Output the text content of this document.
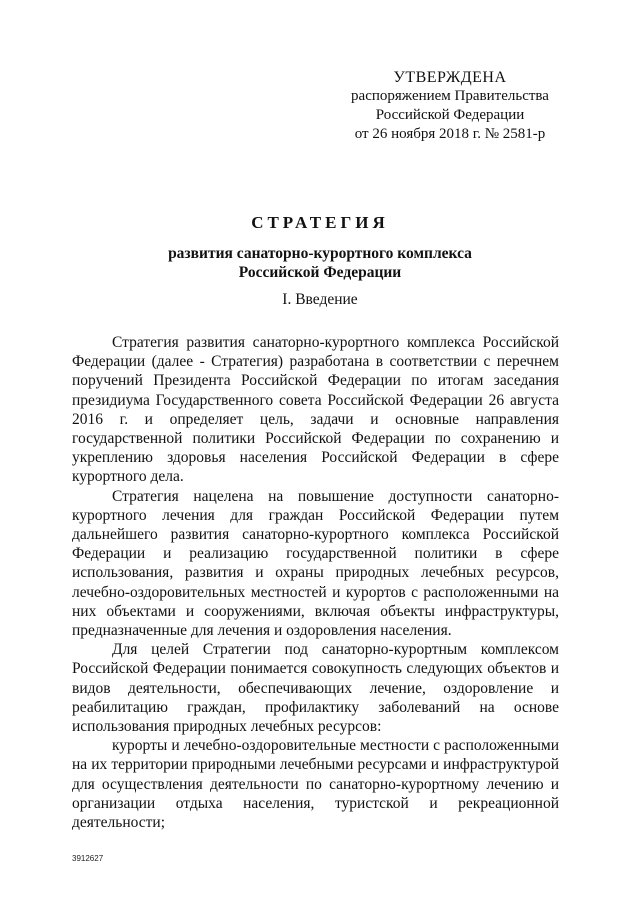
УТВЕРЖДЕНА
распоряжением Правительства
Российской Федерации
от 26 ноября 2018 г. № 2581-р
СТРАТЕГИЯ
развития санаторно-курортного комплекса
Российской Федерации
I. Введение

Стратегия развития санаторно-курортного комплекса Российской Федерации (далее - Стратегия) разработана в соответствии с перечнем поручений Президента Российской Федерации по итогам заседания президиума Государственного совета Российской Федерации 26 августа 2016 г. и определяет цель, задачи и основные направления государственной политики Российской Федерации по сохранению и укреплению здоровья населения Российской Федерации в сфере курортного дела.

Стратегия нацелена на повышение доступности санаторно-курортного лечения для граждан Российской Федерации путем дальнейшего развития санаторно-курортного комплекса Российской Федерации и реализацию государственной политики в сфере использования, развития и охраны природных лечебных ресурсов, лечебно-оздоровительных местностей и курортов с расположенными на них объектами и сооружениями, включая объекты инфраструктуры, предназначенные для лечения и оздоровления населения.

Для целей Стратегии под санаторно-курортным комплексом Российской Федерации понимается совокупность следующих объектов и видов деятельности, обеспечивающих лечение, оздоровление и реабилитацию граждан, профилактику заболеваний на основе использования природных лечебных ресурсов:

курорты и лечебно-оздоровительные местности с расположенными на их территории природными лечебными ресурсами и инфраструктурой для осуществления деятельности по санаторно-курортному лечению и организации отдыха населения, туристской и рекреационной деятельности;

3912627
